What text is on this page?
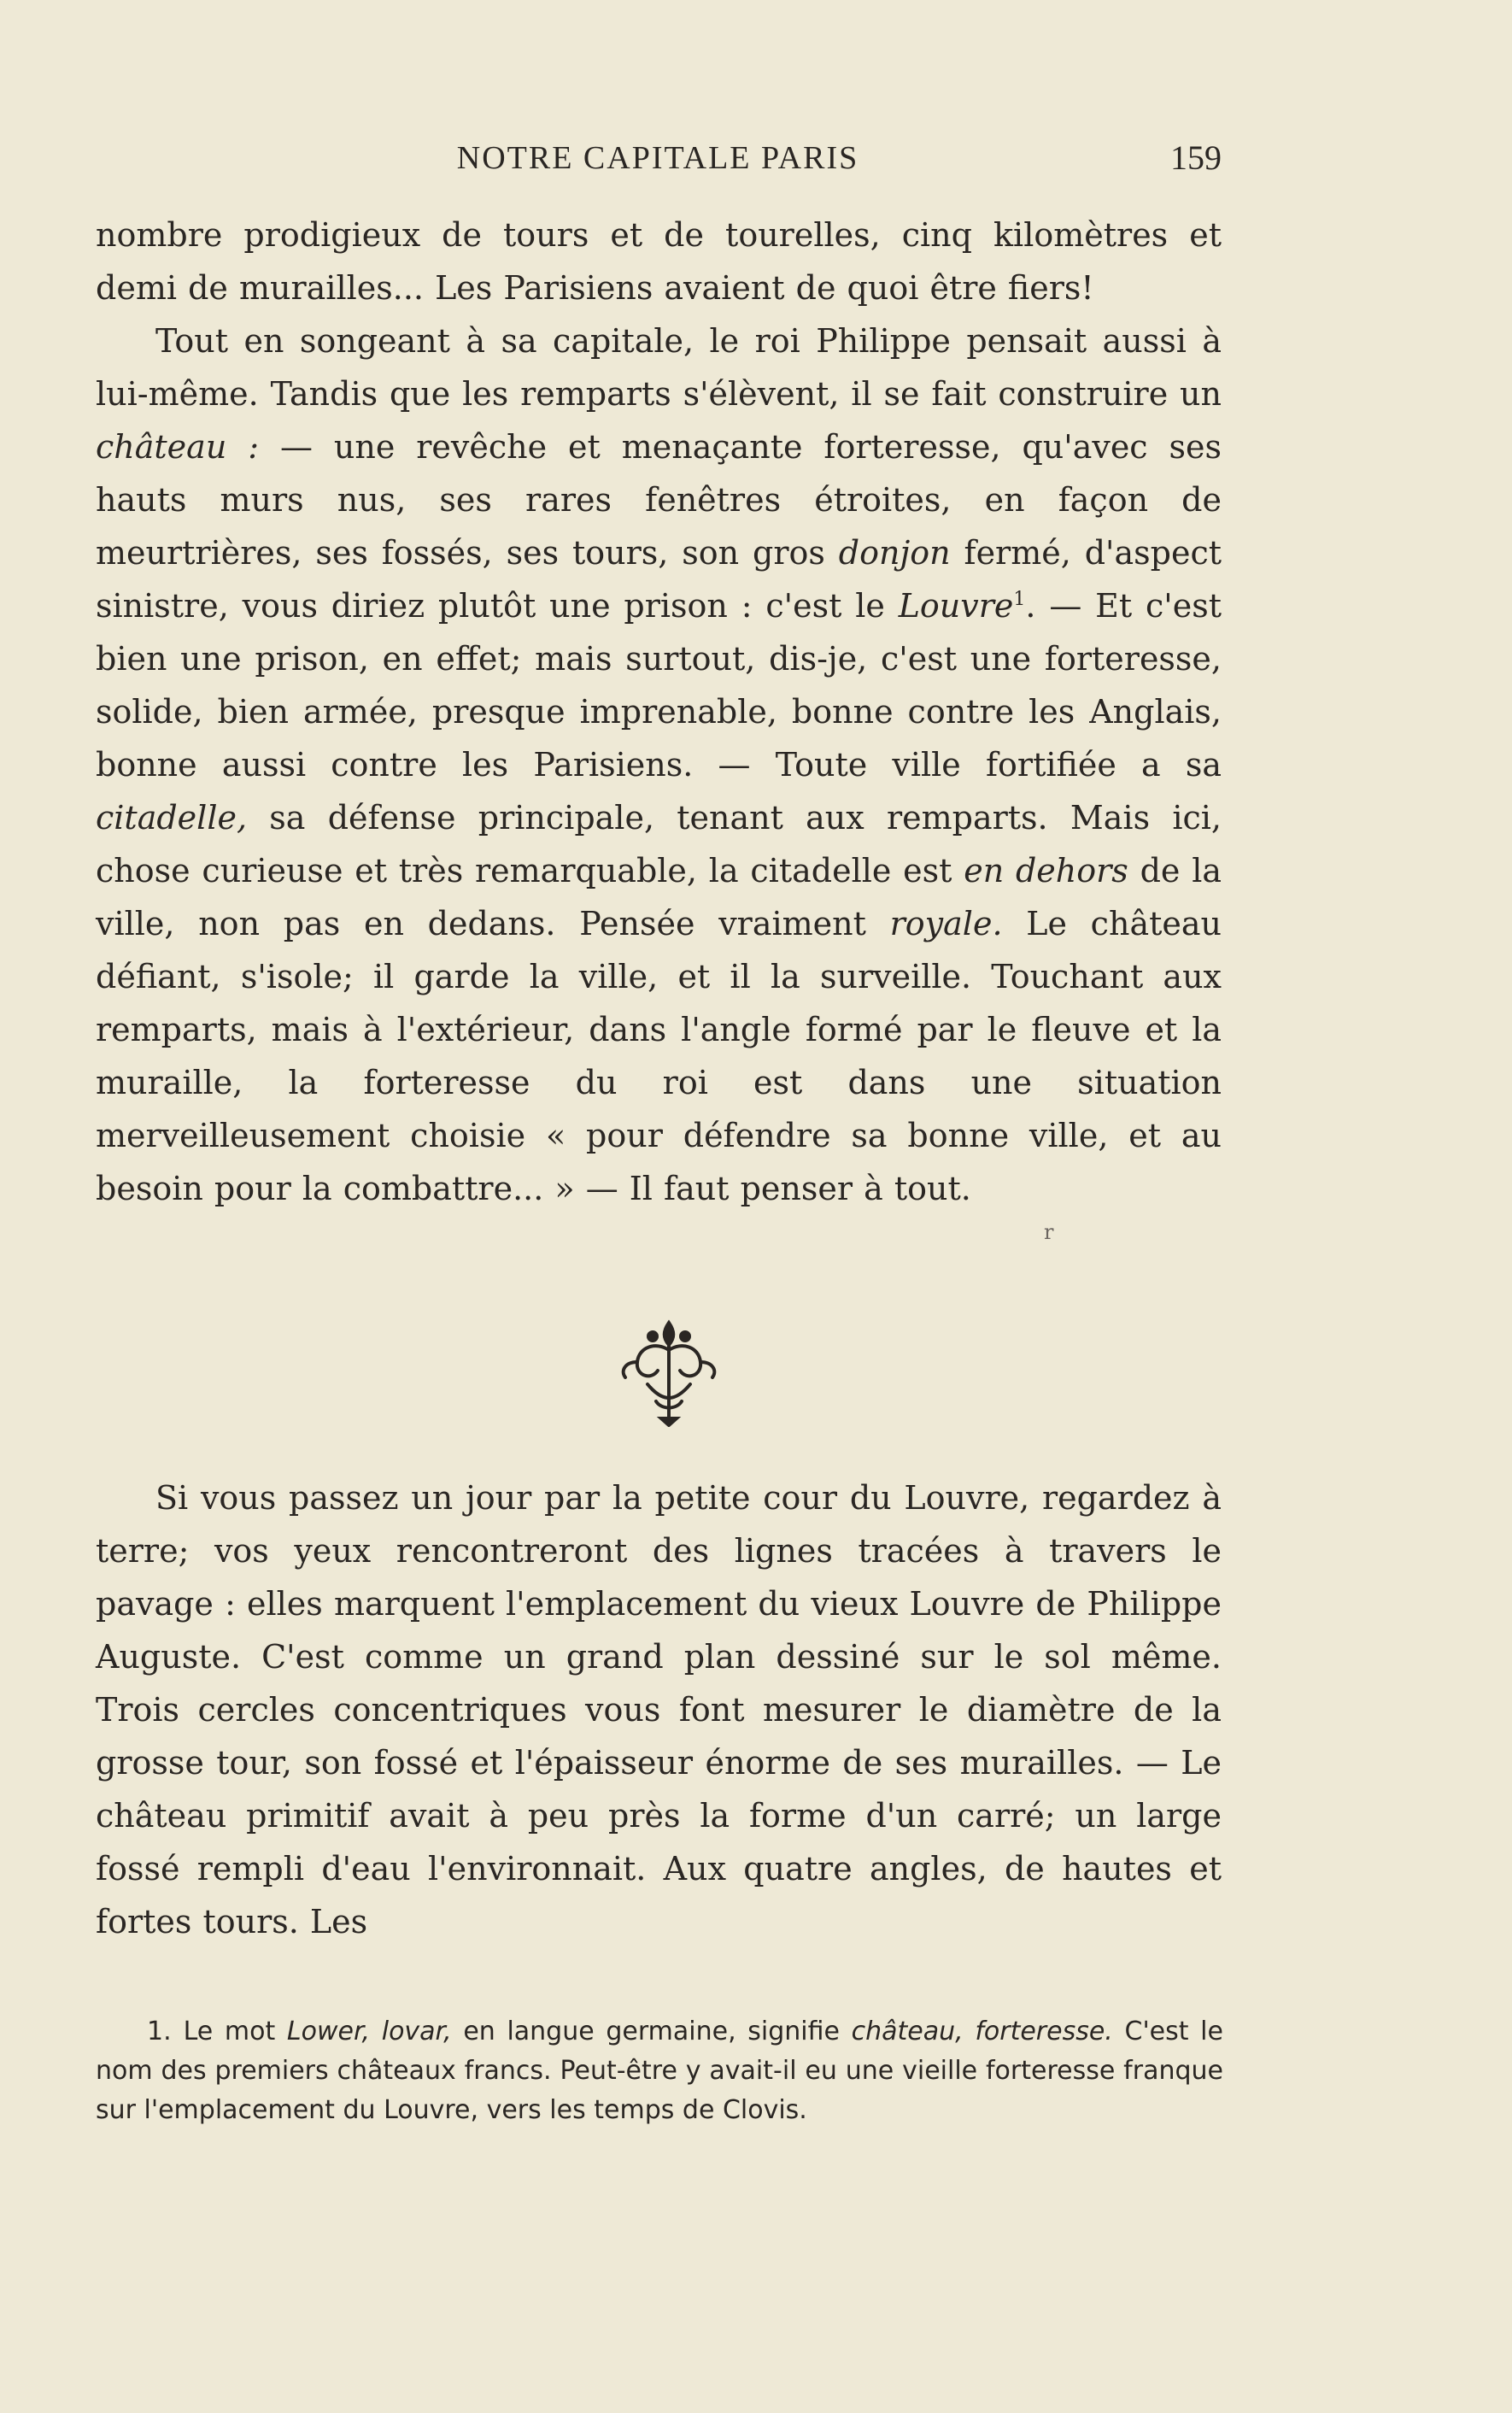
NOTRE CAPITALE PARIS	159

nombre prodigieux de tours et de tourelles, cinq kilomètres et demi de murailles... Les Parisiens avaient de quoi être fiers!

Tout en songeant à sa capitale, le roi Philippe pensait aussi à lui-même. Tandis que les remparts s'élèvent, il se fait construire un château : — une revêche et menaçante forteresse, qu'avec ses hauts murs nus, ses rares fenêtres étroites, en façon de meurtrières, ses fossés, ses tours, son gros donjon fermé, d'aspect sinistre, vous diriez plutôt une prison : c'est le Louvre$^1$. — Et c'est bien une prison, en effet; mais surtout, dis-je, c'est une forteresse, solide, bien armée, presque imprenable, bonne contre les Anglais, bonne aussi contre les Parisiens. — Toute ville fortifiée a sa citadelle, sa défense principale, tenant aux remparts. Mais ici, chose curieuse et très remarquable, la citadelle est en dehors de la ville, non pas en dedans. Pensée vraiment royale. Le château défiant, s'isole; il garde la ville, et il la surveille. Touchant aux remparts, mais à l'extérieur, dans l'angle formé par le fleuve et la muraille, la forteresse du roi est dans une situation merveilleusement choisie « pour défendre sa bonne ville, et au besoin pour la combattre... » — Il faut penser à tout.

r

Si vous passez un jour par la petite cour du Louvre, regardez à terre; vos yeux rencontreront des lignes tracées à travers le pavage : elles marquent l'emplacement du vieux Louvre de Philippe Auguste. C'est comme un grand plan dessiné sur le sol même. Trois cercles concentriques vous font mesurer le diamètre de la grosse tour, son fossé et l'épaisseur énorme de ses murailles. — Le château primitif avait à peu près la forme d'un carré; un large fossé rempli d'eau l'environnait. Aux quatre angles, de hautes et fortes tours. Les

1. Le mot Lower, lovar, en langue germaine, signifie château, forteresse. C'est le nom des premiers châteaux francs. Peut-être y avait-il eu une vieille forteresse franque sur l'emplacement du Louvre, vers les temps de Clovis.
